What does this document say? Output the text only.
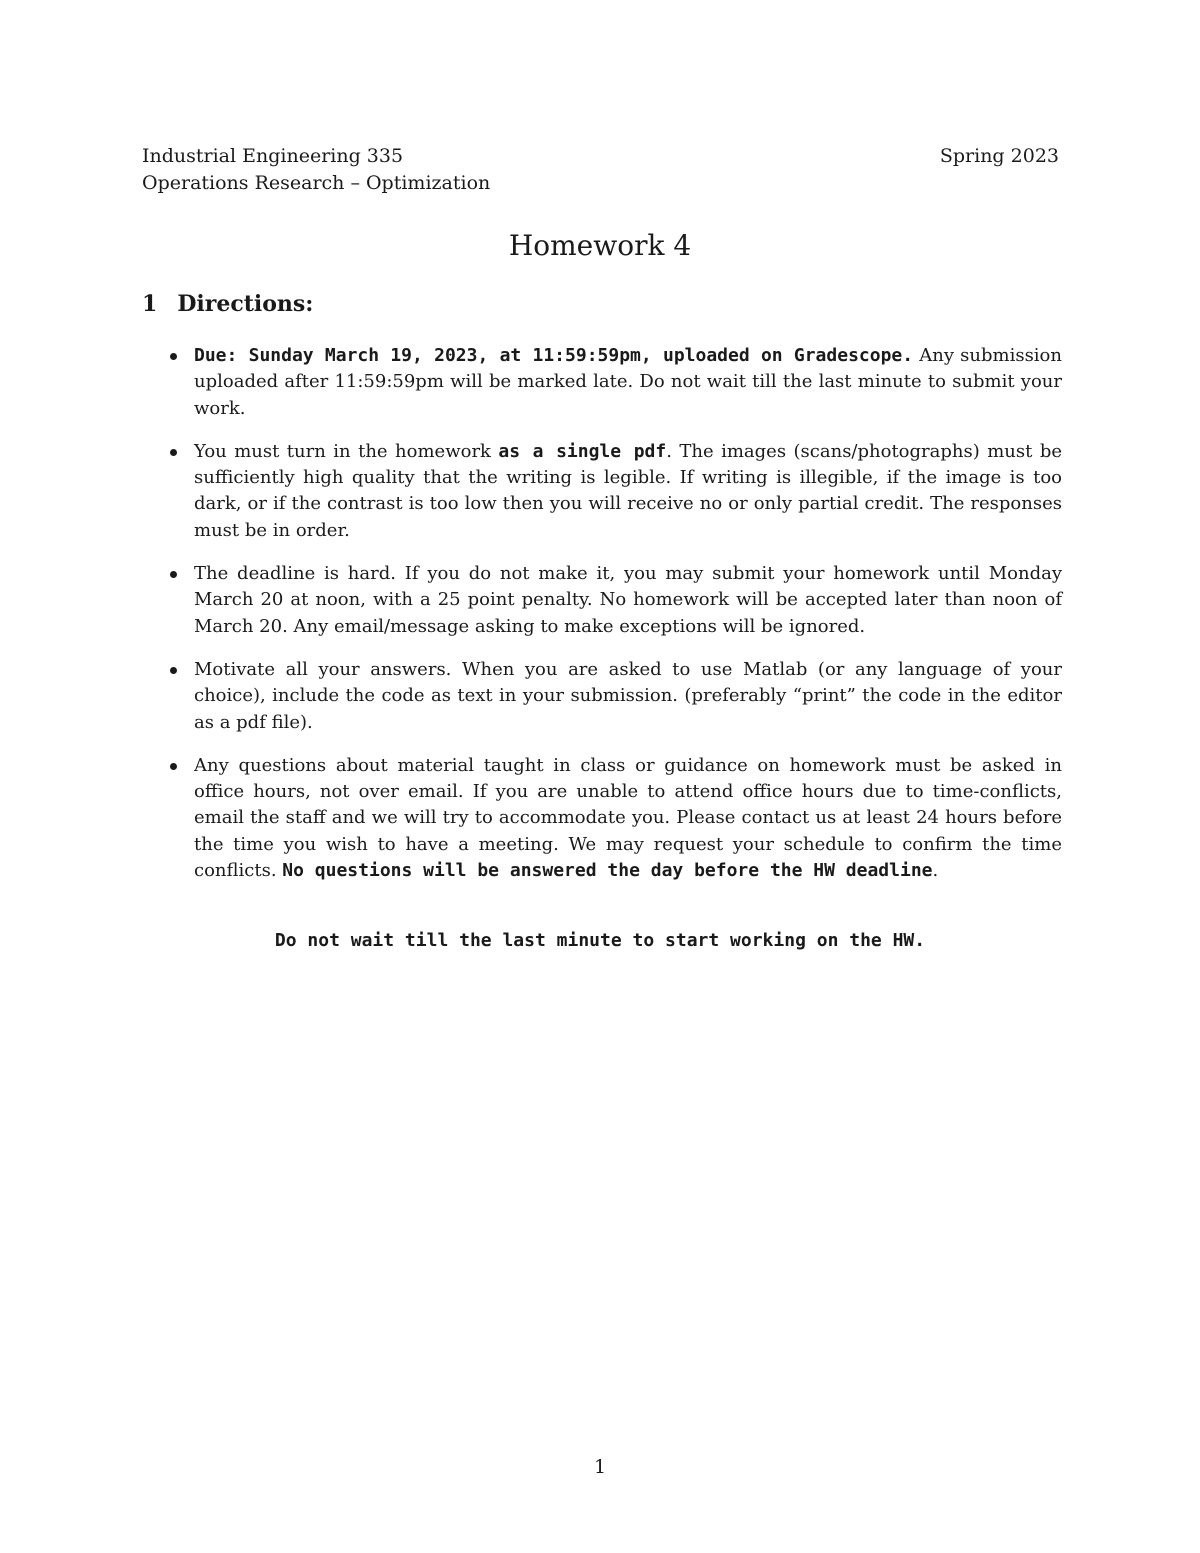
Industrial Engineering 335	Spring 2023
Operations Research – Optimization
Homework 4
1 Directions:
Due: Sunday March 19, 2023, at 11:59:59pm, uploaded on Gradescope. Any submission uploaded after 11:59:59pm will be marked late. Do not wait till the last minute to submit your work.
You must turn in the homework as a single pdf. The images (scans/photographs) must be sufficiently high quality that the writing is legible. If writing is illegible, if the image is too dark, or if the contrast is too low then you will receive no or only partial credit. The responses must be in order.
The deadline is hard. If you do not make it, you may submit your homework until Monday March 20 at noon, with a 25 point penalty. No homework will be accepted later than noon of March 20. Any email/message asking to make exceptions will be ignored.
Motivate all your answers. When you are asked to use Matlab (or any language of your choice), include the code as text in your submission. (preferably “print” the code in the editor as a pdf file).
Any questions about material taught in class or guidance on homework must be asked in office hours, not over email. If you are unable to attend office hours due to time-conflicts, email the staff and we will try to accommodate you. Please contact us at least 24 hours before the time you wish to have a meeting. We may request your schedule to confirm the time conflicts. No questions will be answered the day before the HW deadline.
Do not wait till the last minute to start working on the HW.
1
